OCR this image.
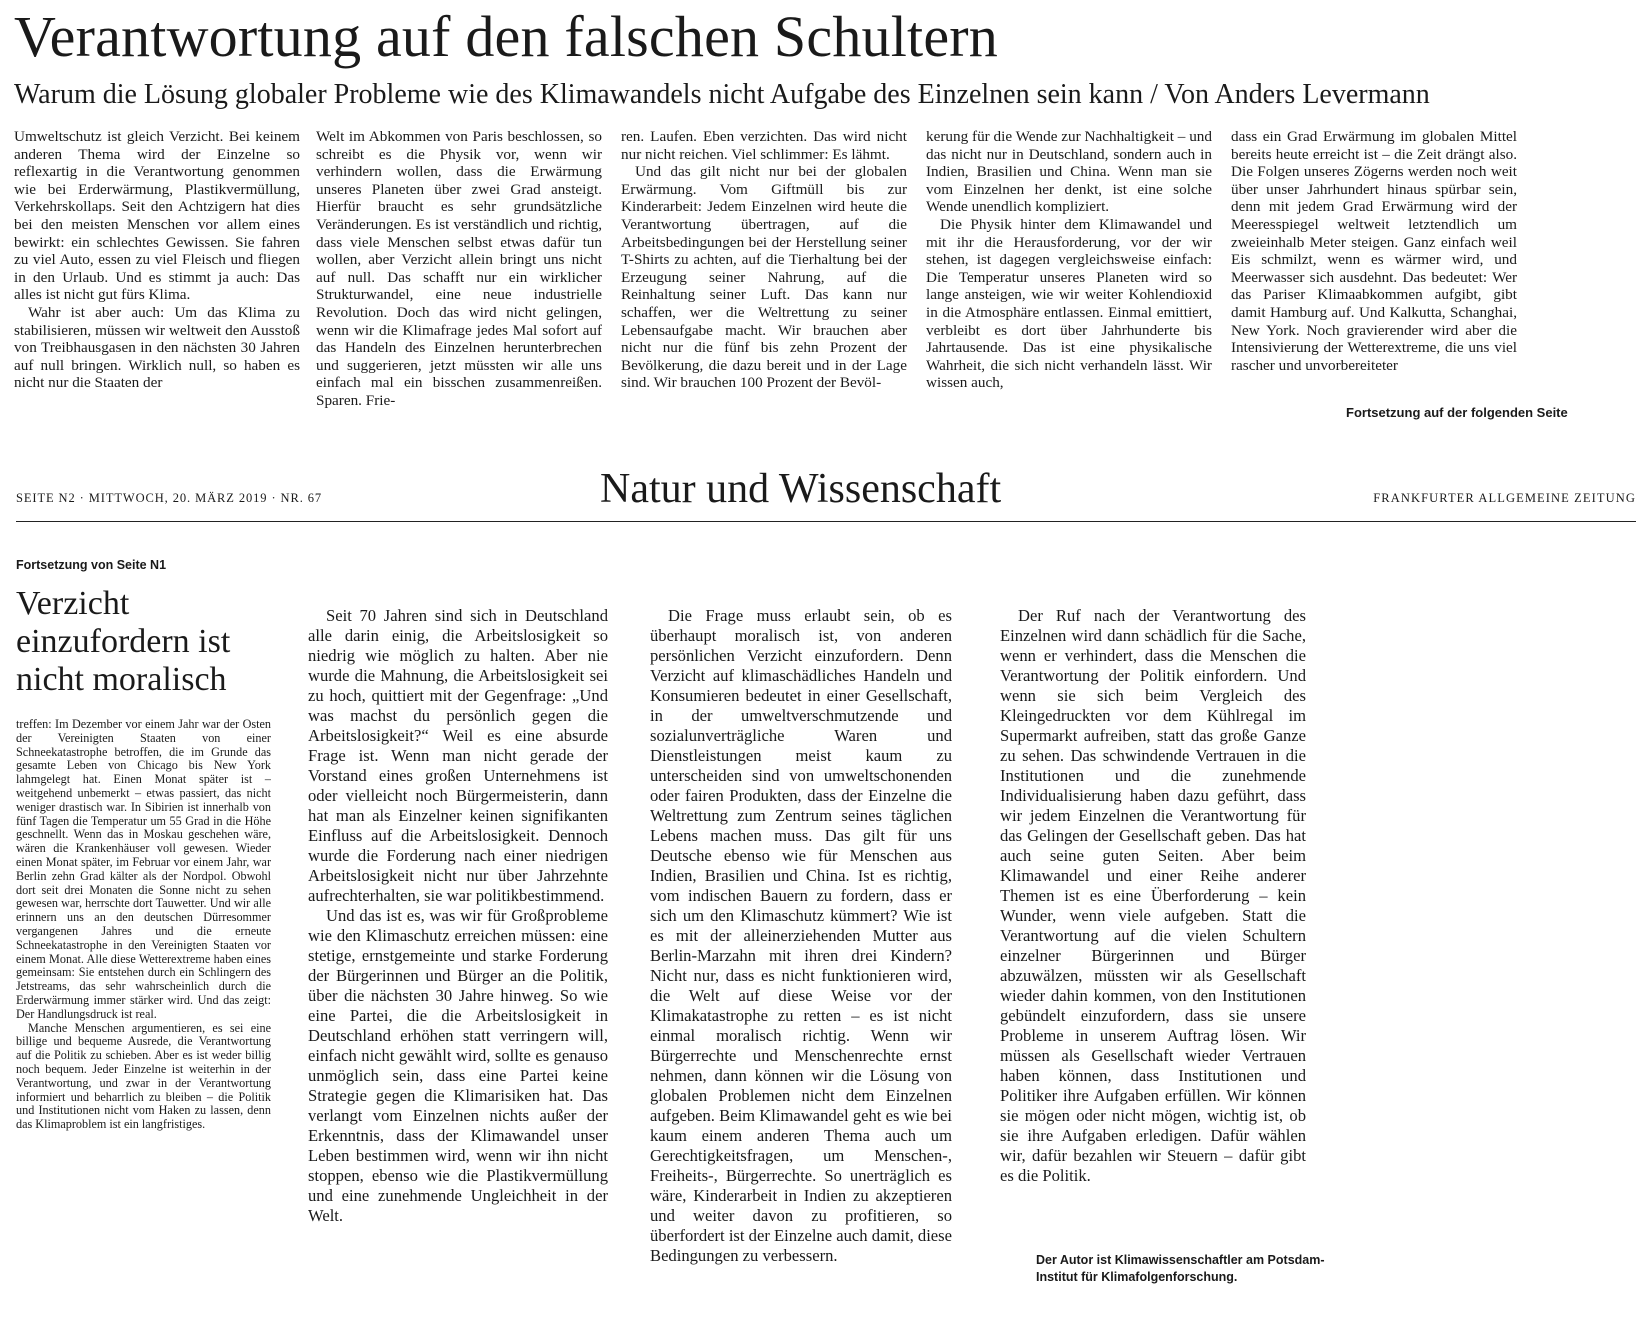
Verantwortung auf den falschen Schultern
Warum die Lösung globaler Probleme wie des Klimawandels nicht Aufgabe des Einzelnen sein kann / Von Anders Levermann

Umweltschutz ist gleich Verzicht. Bei keinem anderen Thema wird der Einzelne so reflexartig in die Verantwortung genommen wie bei Erderwärmung, Plastikvermüllung, Verkehrskollaps. Seit den Achtzigern hat dies bei den meisten Menschen vor allem eines bewirkt: ein schlechtes Gewissen. Sie fahren zu viel Auto, essen zu viel Fleisch und fliegen in den Urlaub. Und es stimmt ja auch: Das alles ist nicht gut fürs Klima.

Wahr ist aber auch: Um das Klima zu stabilisieren, müssen wir weltweit den Ausstoß von Treibhausgasen in den nächsten 30 Jahren auf null bringen. Wirklich null, so haben es nicht nur die Staaten der

Welt im Abkommen von Paris beschlossen, so schreibt es die Physik vor, wenn wir verhindern wollen, dass die Erwärmung unseres Planeten über zwei Grad ansteigt. Hierfür braucht es sehr grundsätzliche Veränderungen. Es ist verständlich und richtig, dass viele Menschen selbst etwas dafür tun wollen, aber Verzicht allein bringt uns nicht auf null. Das schafft nur ein wirklicher Strukturwandel, eine neue industrielle Revolution. Doch das wird nicht gelingen, wenn wir die Klimafrage jedes Mal sofort auf das Handeln des Einzelnen herunterbrechen und suggerieren, jetzt müssten wir alle uns einfach mal ein bisschen zusammenreißen. Sparen. Frie-

ren. Laufen. Eben verzichten. Das wird nicht nur nicht reichen. Viel schlimmer: Es lähmt.

Und das gilt nicht nur bei der globalen Erwärmung. Vom Giftmüll bis zur Kinderarbeit: Jedem Einzelnen wird heute die Verantwortung übertragen, auf die Arbeitsbedingungen bei der Herstellung seiner T-Shirts zu achten, auf die Tierhaltung bei der Erzeugung seiner Nahrung, auf die Reinhaltung seiner Luft. Das kann nur schaffen, wer die Weltrettung zu seiner Lebensaufgabe macht. Wir brauchen aber nicht nur die fünf bis zehn Prozent der Bevölkerung, die dazu bereit und in der Lage sind. Wir brauchen 100 Prozent der Bevöl-

kerung für die Wende zur Nachhaltigkeit – und das nicht nur in Deutschland, sondern auch in Indien, Brasilien und China. Wenn man sie vom Einzelnen her denkt, ist eine solche Wende unendlich kompliziert.

Die Physik hinter dem Klimawandel und mit ihr die Herausforderung, vor der wir stehen, ist dagegen vergleichsweise einfach: Die Temperatur unseres Planeten wird so lange ansteigen, wie wir weiter Kohlendioxid in die Atmosphäre entlassen. Einmal emittiert, verbleibt es dort über Jahrhunderte bis Jahrtausende. Das ist eine physikalische Wahrheit, die sich nicht verhandeln lässt. Wir wissen auch,

dass ein Grad Erwärmung im globalen Mittel bereits heute erreicht ist – die Zeit drängt also. Die Folgen unseres Zögerns werden noch weit über unser Jahrhundert hinaus spürbar sein, denn mit jedem Grad Erwärmung wird der Meeresspiegel weltweit letztendlich um zweieinhalb Meter steigen. Ganz einfach weil Eis schmilzt, wenn es wärmer wird, und Meerwasser sich ausdehnt. Das bedeutet: Wer das Pariser Klimaabkommen aufgibt, gibt damit Hamburg auf. Und Kalkutta, Schanghai, New York. Noch gravierender wird aber die Intensivierung der Wetterextreme, die uns viel rascher und unvorbereiteter

Fortsetzung auf der folgenden Seite
SEITE N2 · MITTWOCH, 20. MÄRZ 2019 · NR. 67	Natur und Wissenschaft	FRANKFURTER ALLGEMEINE ZEITUNG
Fortsetzung von Seite N1
Verzicht einzufordern ist nicht moralisch

treffen: Im Dezember vor einem Jahr war der Osten der Vereinigten Staaten von einer Schneekatastrophe betroffen, die im Grunde das gesamte Leben von Chicago bis New York lahmgelegt hat. Einen Monat später ist – weitgehend unbemerkt – etwas passiert, das nicht weniger drastisch war. In Sibirien ist innerhalb von fünf Tagen die Temperatur um 55 Grad in die Höhe geschnellt. Wenn das in Moskau geschehen wäre, wären die Krankenhäuser voll gewesen. Wieder einen Monat später, im Februar vor einem Jahr, war Berlin zehn Grad kälter als der Nordpol. Obwohl dort seit drei Monaten die Sonne nicht zu sehen gewesen war, herrschte dort Tauwetter. Und wir alle erinnern uns an den deutschen Dürresommer vergangenen Jahres und die erneute Schneekatastrophe in den Vereinigten Staaten vor einem Monat. Alle diese Wetterextreme haben eines gemeinsam: Sie entstehen durch ein Schlingern des Jetstreams, das sehr wahrscheinlich durch die Erderwärmung immer stärker wird. Und das zeigt: Der Handlungsdruck ist real.

Manche Menschen argumentieren, es sei eine billige und bequeme Ausrede, die Verantwortung auf die Politik zu schieben. Aber es ist weder billig noch bequem. Jeder Einzelne ist weiterhin in der Verantwortung, und zwar in der Verantwortung informiert und beharrlich zu bleiben – die Politik und Institutionen nicht vom Haken zu lassen, denn das Klimaproblem ist ein langfristiges.

Seit 70 Jahren sind sich in Deutschland alle darin einig, die Arbeitslosigkeit so niedrig wie möglich zu halten. Aber nie wurde die Mahnung, die Arbeitslosigkeit sei zu hoch, quittiert mit der Gegenfrage: „Und was machst du persönlich gegen die Arbeitslosigkeit?“ Weil es eine absurde Frage ist. Wenn man nicht gerade der Vorstand eines großen Unternehmens ist oder vielleicht noch Bürgermeisterin, dann hat man als Einzelner keinen signifikanten Einfluss auf die Arbeitslosigkeit. Dennoch wurde die Forderung nach einer niedrigen Arbeitslosigkeit nicht nur über Jahrzehnte aufrechterhalten, sie war politikbestimmend.

Und das ist es, was wir für Großprobleme wie den Klimaschutz erreichen müssen: eine stetige, ernstgemeinte und starke Forderung der Bürgerinnen und Bürger an die Politik, über die nächsten 30 Jahre hinweg. So wie eine Partei, die die Arbeitslosigkeit in Deutschland erhöhen statt verringern will, einfach nicht gewählt wird, sollte es genauso unmöglich sein, dass eine Partei keine Strategie gegen die Klimarisiken hat. Das verlangt vom Einzelnen nichts außer der Erkenntnis, dass der Klimawandel unser Leben bestimmen wird, wenn wir ihn nicht stoppen, ebenso wie die Plastikvermüllung und eine zunehmende Ungleichheit in der Welt.

Die Frage muss erlaubt sein, ob es überhaupt moralisch ist, von anderen persönlichen Verzicht einzufordern. Denn Verzicht auf klimaschädliches Handeln und Konsumieren bedeutet in einer Gesellschaft, in der umweltverschmutzende und sozialunverträgliche Waren und Dienstleistungen meist kaum zu unterscheiden sind von umweltschonenden oder fairen Produkten, dass der Einzelne die Weltrettung zum Zentrum seines täglichen Lebens machen muss. Das gilt für uns Deutsche ebenso wie für Menschen aus Indien, Brasilien und China. Ist es richtig, vom indischen Bauern zu fordern, dass er sich um den Klimaschutz kümmert? Wie ist es mit der alleinerziehenden Mutter aus Berlin-Marzahn mit ihren drei Kindern? Nicht nur, dass es nicht funktionieren wird, die Welt auf diese Weise vor der Klimakatastrophe zu retten – es ist nicht einmal moralisch richtig. Wenn wir Bürgerrechte und Menschenrechte ernst nehmen, dann können wir die Lösung von globalen Problemen nicht dem Einzelnen aufgeben. Beim Klimawandel geht es wie bei kaum einem anderen Thema auch um Gerechtigkeitsfragen, um Menschen-, Freiheits-, Bürgerrechte. So unerträglich es wäre, Kinderarbeit in Indien zu akzeptieren und weiter davon zu profitieren, so überfordert ist der Einzelne auch damit, diese Bedingungen zu verbessern.

Der Ruf nach der Verantwortung des Einzelnen wird dann schädlich für die Sache, wenn er verhindert, dass die Menschen die Verantwortung der Politik einfordern. Und wenn sie sich beim Vergleich des Kleingedruckten vor dem Kühlregal im Supermarkt aufreiben, statt das große Ganze zu sehen. Das schwindende Vertrauen in die Institutionen und die zunehmende Individualisierung haben dazu geführt, dass wir jedem Einzelnen die Verantwortung für das Gelingen der Gesellschaft geben. Das hat auch seine guten Seiten. Aber beim Klimawandel und einer Reihe anderer Themen ist es eine Überforderung – kein Wunder, wenn viele aufgeben. Statt die Verantwortung auf die vielen Schultern einzelner Bürgerinnen und Bürger abzuwälzen, müssten wir als Gesellschaft wieder dahin kommen, von den Institutionen gebündelt einzufordern, dass sie unsere Probleme in unserem Auftrag lösen. Wir müssen als Gesellschaft wieder Vertrauen haben können, dass Institutionen und Politiker ihre Aufgaben erfüllen. Wir können sie mögen oder nicht mögen, wichtig ist, ob sie ihre Aufgaben erledigen. Dafür wählen wir, dafür bezahlen wir Steuern – dafür gibt es die Politik.

Der Autor ist Klimawissenschaftler am Potsdam-Institut für Klimafolgenforschung.
